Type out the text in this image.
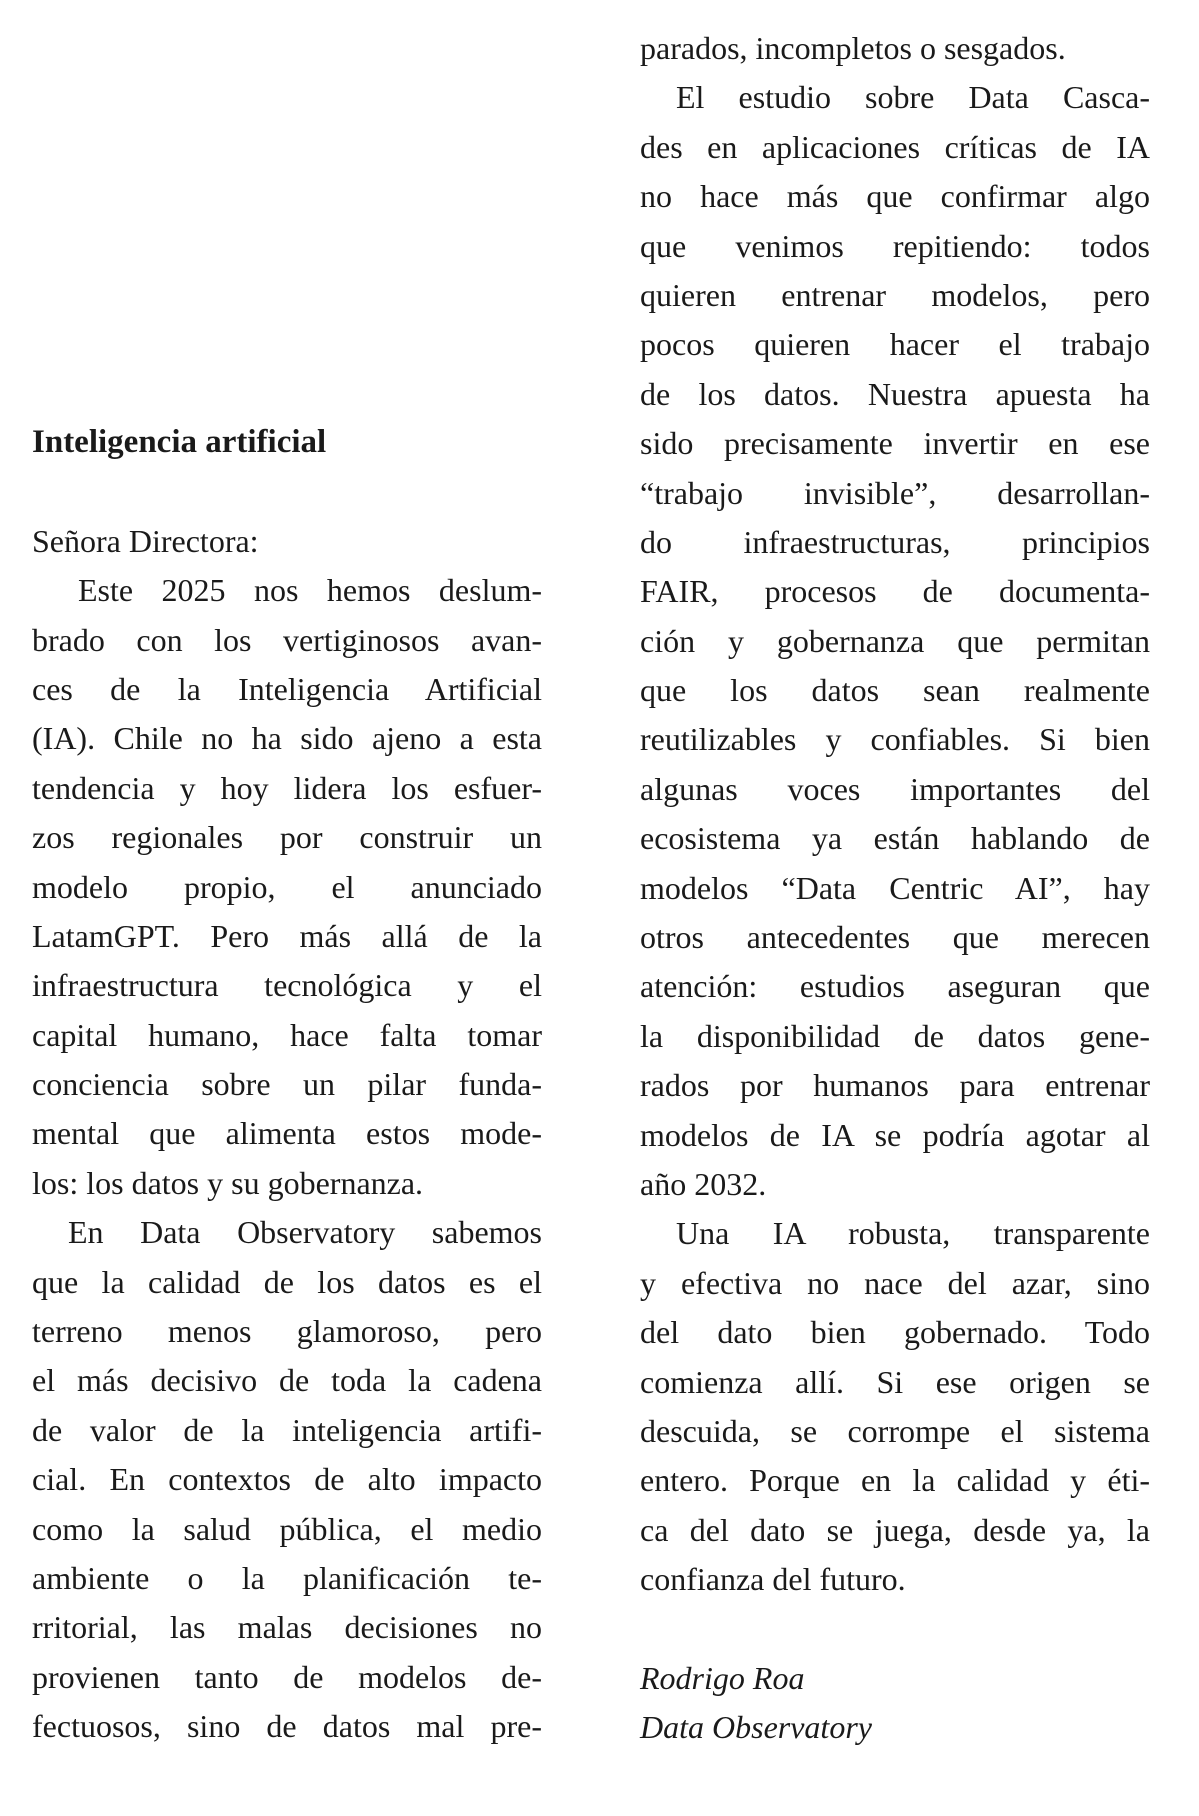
Inteligencia artificial
Señora Directora:
Este 2025 nos hemos deslum-
brado con los vertiginosos avan-
ces de la Inteligencia Artificial
(IA). Chile no ha sido ajeno a esta
tendencia y hoy lidera los esfuer-
zos regionales por construir un
modelo propio, el anunciado
LatamGPT. Pero más allá de la
infraestructura tecnológica y el
capital humano, hace falta tomar
conciencia sobre un pilar funda-
mental que alimenta estos mode-
los: los datos y su gobernanza.
En Data Observatory sabemos
que la calidad de los datos es el
terreno menos glamoroso, pero
el más decisivo de toda la cadena
de valor de la inteligencia artifi-
cial. En contextos de alto impacto
como la salud pública, el medio
ambiente o la planificación te-
rritorial, las malas decisiones no
provienen tanto de modelos de-
fectuosos, sino de datos mal pre-
parados, incompletos o sesgados.
El estudio sobre Data Casca-
des en aplicaciones críticas de IA
no hace más que confirmar algo
que venimos repitiendo: todos
quieren entrenar modelos, pero
pocos quieren hacer el trabajo
de los datos. Nuestra apuesta ha
sido precisamente invertir en ese
“trabajo invisible”, desarrollan-
do infraestructuras, principios
FAIR, procesos de documenta-
ción y gobernanza que permitan
que los datos sean realmente
reutilizables y confiables. Si bien
algunas voces importantes del
ecosistema ya están hablando de
modelos “Data Centric AI”, hay
otros antecedentes que merecen
atención: estudios aseguran que
la disponibilidad de datos gene-
rados por humanos para entrenar
modelos de IA se podría agotar al
año 2032.
Una IA robusta, transparente
y efectiva no nace del azar, sino
del dato bien gobernado. Todo
comienza allí. Si ese origen se
descuida, se corrompe el sistema
entero. Porque en la calidad y éti-
ca del dato se juega, desde ya, la
confianza del futuro.
Rodrigo Roa
Data Observatory
